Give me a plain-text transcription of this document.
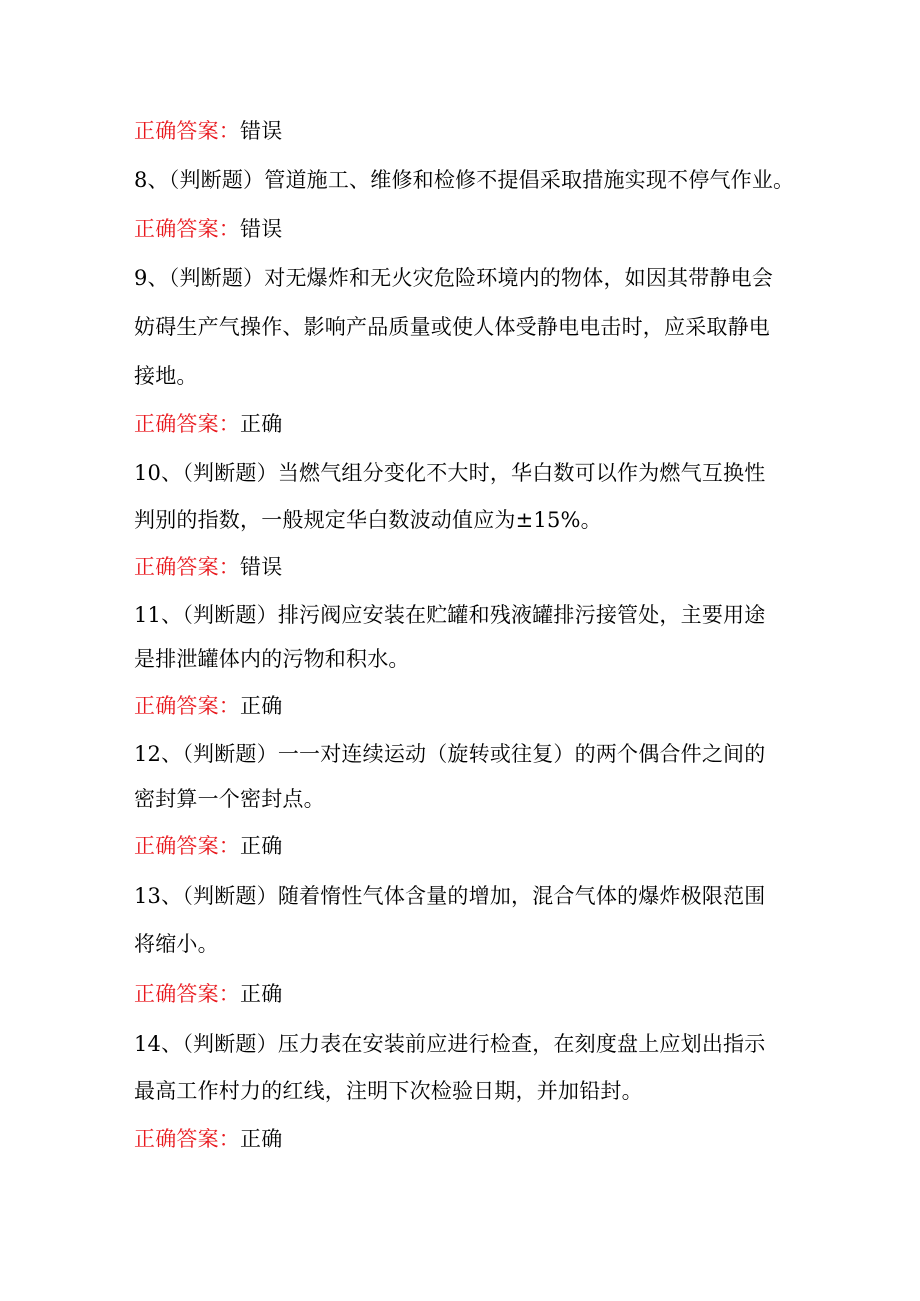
正确答案：错误
8、（判断题）管道施工、维修和检修不提倡采取措施实现不停气作业。
正确答案：错误
9、（判断题）对无爆炸和无火灾危险环境内的物体，如因其带静电会
妨碍生产气操作、影响产品质量或使人体受静电电击时，应采取静电
接地。
正确答案：正确
10、（判断题）当燃气组分变化不大时，华白数可以作为燃气互换性
判别的指数，一般规定华白数波动值应为±15%。
正确答案：错误
11、（判断题）排污阀应安装在贮罐和残液罐排污接管处，主要用途
是排泄罐体内的污物和积水。
正确答案：正确
12、（判断题）一一对连续运动（旋转或往复）的两个偶合件之间的
密封算一个密封点。
正确答案：正确
13、（判断题）随着惰性气体含量的增加，混合气体的爆炸极限范围
将缩小。
正确答案：正确
14、（判断题）压力表在安装前应进行检查，在刻度盘上应划出指示
最高工作村力的红线，注明下次检验日期，并加铅封。
正确答案：正确
